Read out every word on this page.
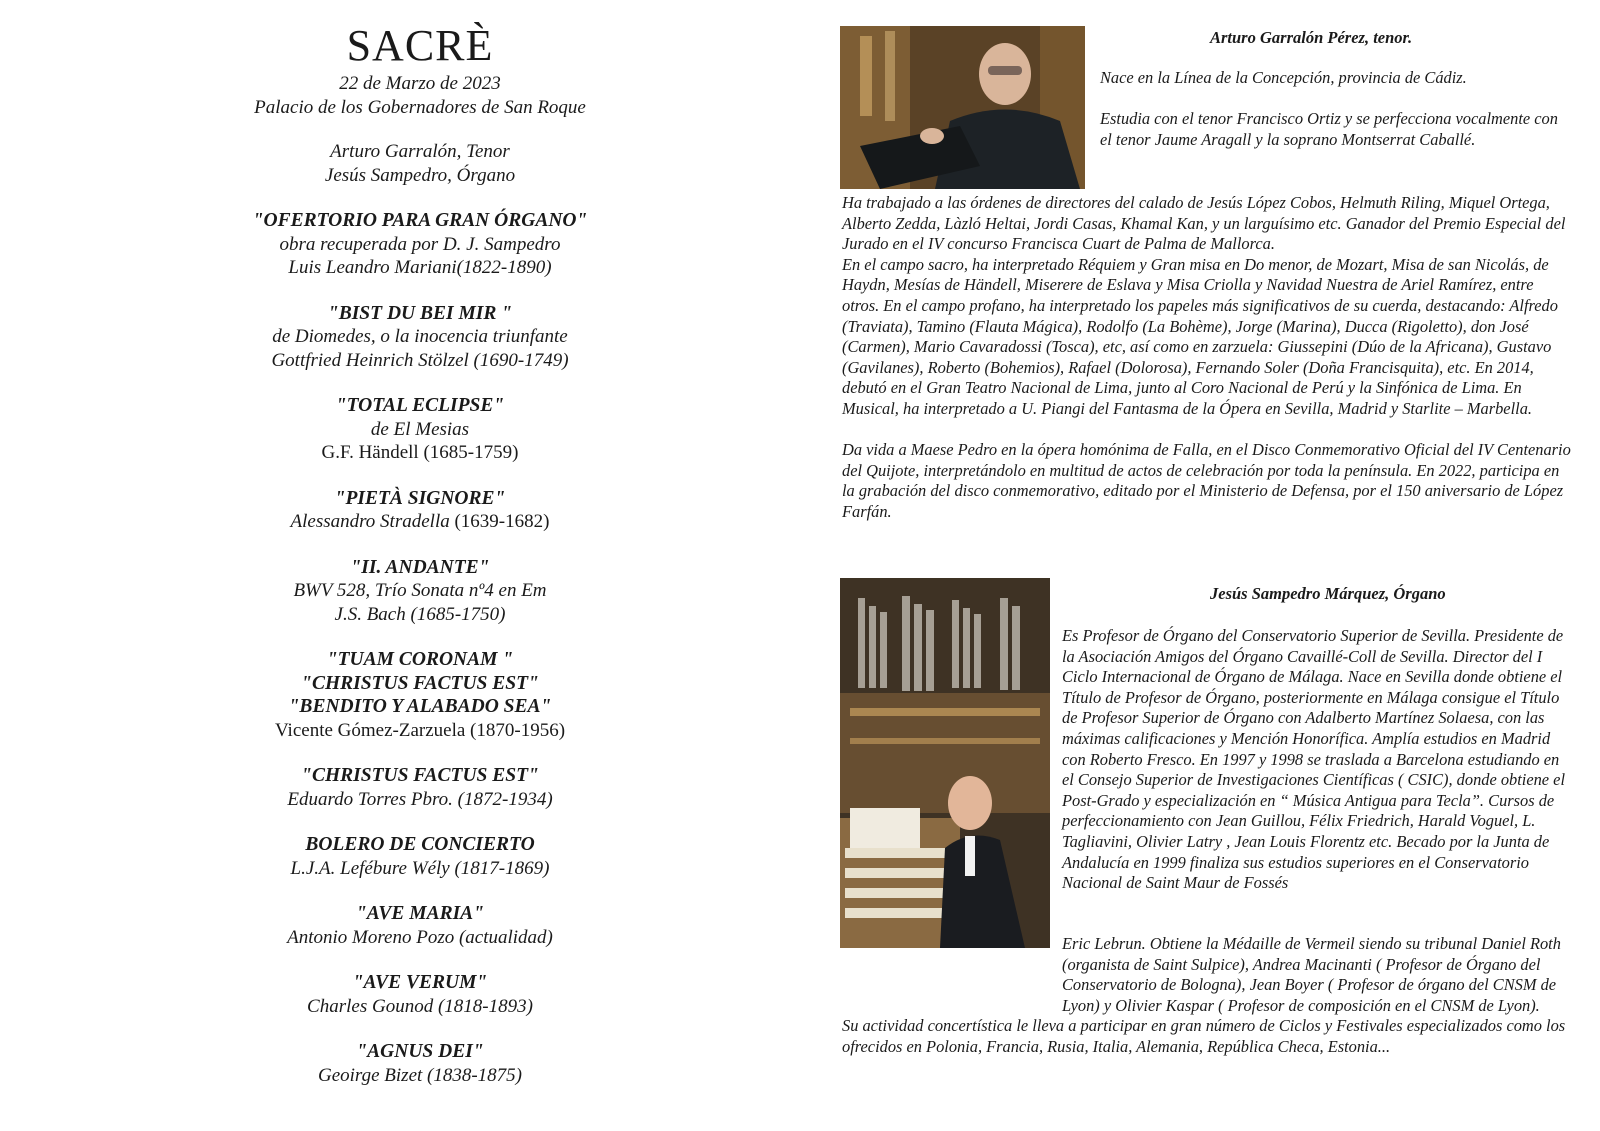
SACRÈ
22 de Marzo de 2023
Palacio de los Gobernadores de San Roque
Arturo Garralón, Tenor
Jesús Sampedro, Órgano
"OFERTORIO PARA GRAN ÓRGANO"
obra recuperada por D. J. Sampedro
Luis Leandro Mariani(1822-1890)
"BIST DU BEI MIR "
de Diomedes, o la inocencia triunfante
Gottfried Heinrich Stölzel (1690-1749)
"TOTAL ECLIPSE"
de El Mesias
G.F. Händell (1685-1759)
"PIETÀ SIGNORE"
Alessandro Stradella (1639-1682)
"II. ANDANTE"
BWV 528, Trío Sonata nº4 en Em
J.S. Bach (1685-1750)
"TUAM CORONAM "
"CHRISTUS FACTUS EST"
"BENDITO Y ALABADO SEA"
Vicente Gómez-Zarzuela (1870-1956)
"CHRISTUS FACTUS EST"
Eduardo Torres Pbro. (1872-1934)
BOLERO DE CONCIERTO
L.J.A. Lefébure Wély (1817-1869)
"AVE MARIA"
Antonio Moreno Pozo (actualidad)
"AVE VERUM"
Charles Gounod (1818-1893)
"AGNUS DEI"
Geoirge Bizet (1838-1875)
Arturo Garralón Pérez, tenor.

Nace en la Línea de la Concepción, provincia de Cádiz.

Estudia con el tenor Francisco Ortiz y se perfecciona vocalmente con el tenor Jaume Aragall y la soprano Montserrat Caballé.

Ha trabajado a las órdenes de directores del calado de Jesús López Cobos, Helmuth Riling, Miquel Ortega, Alberto Zedda, Làzló Heltai, Jordi Casas, Khamal Kan, y un larguísimo etc. Ganador del Premio Especial del Jurado en el IV concurso Francisca Cuart de Palma de Mallorca.

En el campo sacro, ha interpretado Réquiem y Gran misa en Do menor, de Mozart, Misa de san Nicolás, de Haydn, Mesías de Händell, Miserere de Eslava y Misa Criolla y Navidad Nuestra de Ariel Ramírez, entre otros. En el campo profano, ha interpretado los papeles más significativos de su cuerda, destacando: Alfredo (Traviata), Tamino (Flauta Mágica), Rodolfo (La Bohème), Jorge (Marina), Ducca (Rigoletto), don José (Carmen), Mario Cavaradossi (Tosca), etc, así como en zarzuela: Giussepini (Dúo de la Africana), Gustavo (Gavilanes), Roberto (Bohemios), Rafael (Dolorosa), Fernando Soler (Doña Francisquita), etc. En 2014, debutó en el Gran Teatro Nacional de Lima, junto al Coro Nacional de Perú y la Sinfónica de Lima. En Musical, ha interpretado a U. Piangi del Fantasma de la Ópera en Sevilla, Madrid y Starlite – Marbella.

Da vida a Maese Pedro en la ópera homónima de Falla, en el Disco Conmemorativo Oficial del IV Centenario del Quijote, interpretándolo en multitud de actos de celebración por toda la península. En 2022, participa en la grabación del disco conmemorativo, editado por el Ministerio de Defensa, por el 150 aniversario de López Farfán.

Jesús Sampedro Márquez, Órgano

Es Profesor de Órgano del Conservatorio Superior de Sevilla. Presidente de la Asociación Amigos del Órgano Cavaillé-Coll de Sevilla. Director del I Ciclo Internacional de Órgano de Málaga. Nace en Sevilla donde obtiene el Título de Profesor de Órgano, posteriormente en Málaga consigue el Título de Profesor Superior de Órgano con Adalberto Martínez Solaesa, con las máximas calificaciones y Mención Honorífica. Amplía estudios en Madrid con Roberto Fresco. En 1997 y 1998 se traslada a Barcelona estudiando en el Consejo Superior de Investigaciones Científicas ( CSIC), donde obtiene el Post-Grado y especialización en “ Música Antigua para Tecla”. Cursos de perfeccionamiento con Jean Guillou, Félix Friedrich, Harald Voguel, L. Tagliavini, Olivier Latry , Jean Louis Florentz etc. Becado por la Junta de Andalucía en 1999 finaliza sus estudios superiores en el Conservatorio Nacional de Saint Maur de Fossés

Eric Lebrun. Obtiene la Médaille de Vermeil siendo su tribunal Daniel Roth (organista de Saint Sulpice), Andrea Macinanti ( Profesor de Órgano del Conservatorio de Bologna), Jean Boyer ( Profesor de órgano del CNSM de Lyon) y Olivier Kaspar ( Profesor de composición en el CNSM de Lyon).

Su actividad concertística le lleva a participar en gran número de Ciclos y Festivales especializados como los ofrecidos en Polonia, Francia, Rusia, Italia, Alemania, República Checa, Estonia...
